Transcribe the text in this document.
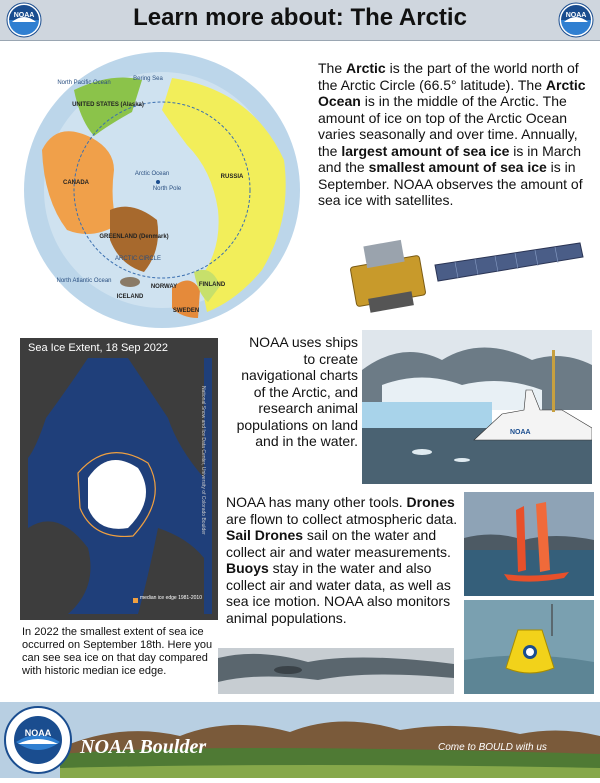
NOAA	Learn more about: The Arctic	NOAA
North Pacific Ocean
Bering Sea
Arctic Ocean
North Pole
ARCTIC CIRCLE
North Atlantic Ocean
UNITED STATES (Alaska)
CANADA
RUSSIA
GREENLAND (Denmark)
ICELAND
NORWAY	FINLAND
SWEDEN
The Arctic is the part of the world north of the Arctic Circle (66.5° latitude). The Arctic Ocean is in the middle of the Arctic. The amount of ice on top of the Arctic Ocean varies seasonally and over time. Annually, the largest amount of sea ice is in March and the smallest amount of sea ice is in September. NOAA observes the amount of sea ice with satellites.
Sea Ice Extent, 18 Sep 2022
median ice edge 1981-2010
National Snow and Ice Data Center, University of Colorado Boulder
NOAA uses ships to create navigational charts of the Arctic, and research animal populations on land and in the water.
NOAA
NOAA has many other tools. Drones are flown to collect atmospheric data. Sail Drones sail on the water and collect air and water measurements. Buoys stay in the water and also collect air and water data, as well as sea ice motion. NOAA also monitors animal populations.
In 2022 the smallest extent of sea ice occurred on September 18th. Here you can see sea ice on that day compared with historic median ice edge.
NOAA
NOAA Boulder	Come to BOULD with us
